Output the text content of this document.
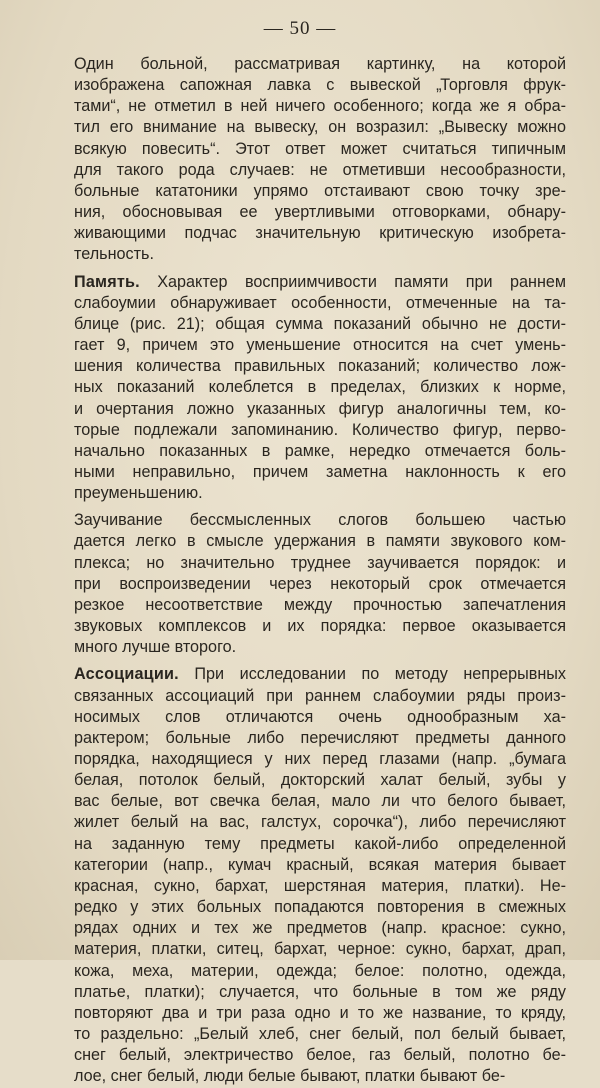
— 50 —
Один больной, рассматривая картинку, на которой
изображена сапожная лавка с вывеской „Торговля фрук-
тами“, не отметил в ней ничего особенного; когда же я обра-
тил его внимание на вывеску, он возразил: „Вывеску можно
всякую повесить“. Этот ответ может считаться типичным
для такого рода случаев: не отметивши несообразности,
больные кататоники упрямо отстаивают свою точку зре-
ния, обосновывая ее увертливыми отговорками, обнару-
живающими подчас значительную критическую изобрета-
тельность.
Память. Характер восприимчивости памяти при раннем
слабоумии обнаруживает особенности, отмеченные на та-
блице (рис. 21); общая сумма показаний обычно не дости-
гает 9, причем это уменьшение относится на счет умень-
шения количества правильных показаний; количество лож-
ных показаний колеблется в пределах, близких к норме,
и очертания ложно указанных фигур аналогичны тем, ко-
торые подлежали запоминанию. Количество фигур, перво-
начально показанных в рамке, нередко отмечается боль-
ными неправильно, причем заметна наклонность к его
преуменьшению.
Заучивание бессмысленных слогов большею частью
дается легко в смысле удержания в памяти звукового ком-
плекса; но значительно труднее заучивается порядок: и
при воспроизведении через некоторый срок отмечается
резкое несоответствие между прочностью запечатления
звуковых комплексов и их порядка: первое оказывается
много лучше второго.
Ассоциации. При исследовании по методу непрерывных
связанных ассоциаций при раннем слабоумии ряды произ-
носимых слов отличаются очень однообразным ха-
рактером; больные либо перечисляют предметы данного
порядка, находящиеся у них перед глазами (напр. „бумага
белая, потолок белый, докторский халат белый, зубы у
вас белые, вот свечка белая, мало ли что белого бывает,
жилет белый на вас, галстух, сорочка“), либо перечисляют
на заданную тему предметы какой-либо определенной
категории (напр., кумач красный, всякая материя бывает
красная, сукно, бархат, шерстяная материя, платки). Не-
редко у этих больных попадаются повторения в смежных
рядах одних и тех же предметов (напр. красное: сукно,
материя, платки, ситец, бархат, черное: сукно, бархат, драп,
кожа, меха, материи, одежда; белое: полотно, одежда,
платье, платки); случается, что больные в том же ряду
повторяют два и три раза одно и то же название, то кряду,
то раздельно: „Белый хлеб, снег белый, пол белый бывает,
снег белый, электричество белое, газ белый, полотно бе-
лое, снег белый, люди белые бывают, платки бывают бе-
